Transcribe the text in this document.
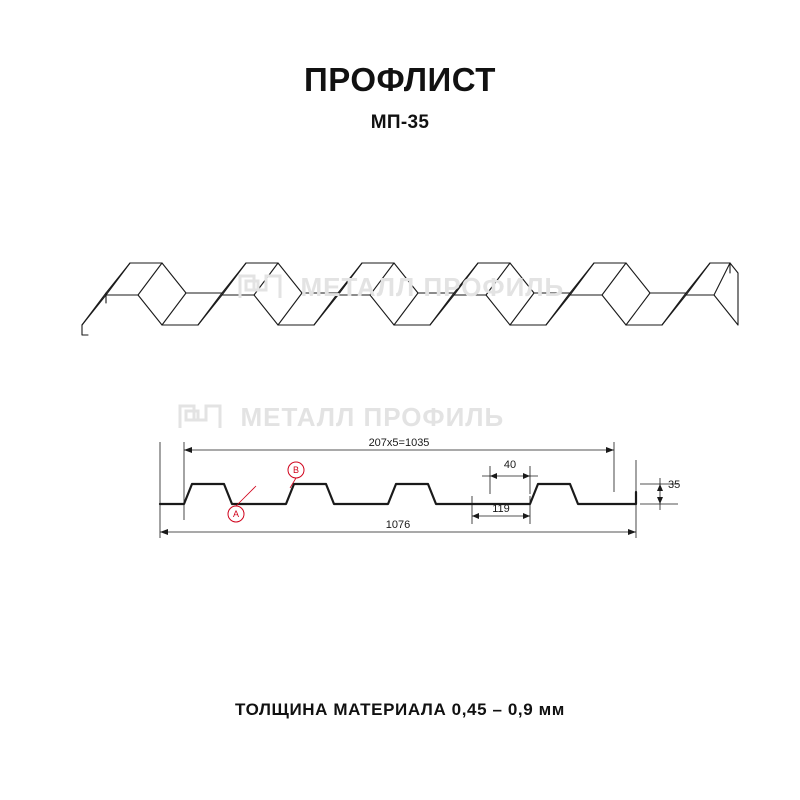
ПРОФЛИСТ
МП-35
МЕТАЛЛ ПРОФИЛЬ
МЕТАЛЛ ПРОФИЛЬ
207х5=1035
1076
119
40
35
A
B
ТОЛЩИНА МАТЕРИАЛА 0,45 – 0,9 мм
